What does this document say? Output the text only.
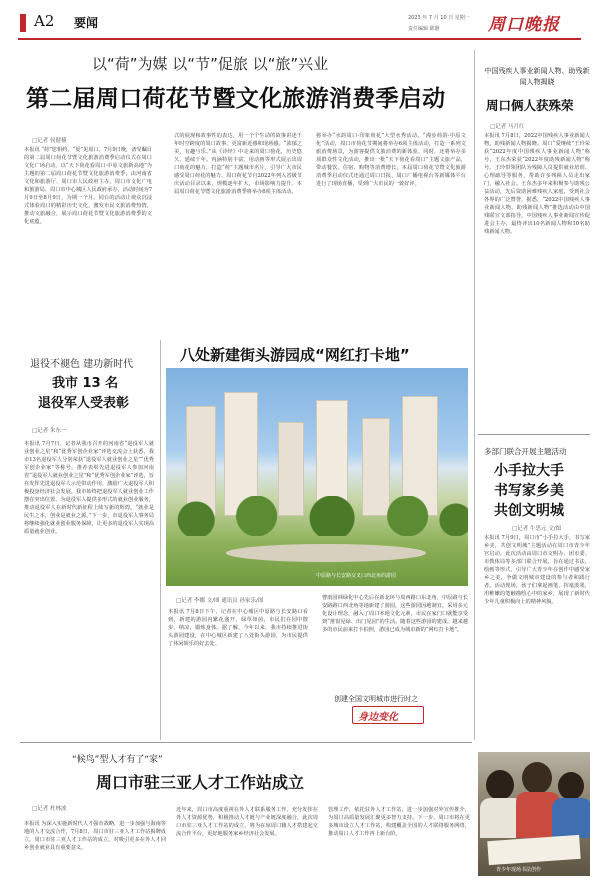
A2 要闻	2023 年 7 月 10 日 星期一
责任编辑 陈静	周口晚报
以“荷”为媒 以“节”促旅 以“旅”兴业
第二届周口荷花节暨文化旅游消费季启动
□记者 侯健楠
本报讯 “荷”您相约，“夏”见周口。7月9日晚，备受瞩目的第二届周口荷花节暨文化旅游消费季启动仪式在周口文化广场启动。以“天下荷花看周口·中原文旅新高地”为主题的第二届周口荷花节暨文化旅游消费季，由河南省文化和旅游厅、周口市人民政府主办，周口市文化广电和旅游局、周口市中心城区人民政府承办，活动时间为7月9日至8月9日，为期一个月。同台的活动让观众沉浸式体验周口的精彩历史文化，激发市民文旅消费热情，推动文旅融合，展示周口荷花节暨文化旅游消费季的文化底蕴。
式的展现和故事性的表达，用一个个生动的故事讲述千年时空跨度的周口故事，更富新近感和现场感。“浓郁之美，有趣与乐。”从《诗经》中走来的周口荷花，历史悠久，延续千年。内涵特别丰富，用动画等形式展示出周口荷花的魅力，打造“荷”主题城市名片，引导广大市民感受周口荷花的魅力。周口荷花节自2022年列入省级节庆活动目录以来，规模逐年扩大，市场影响力提升。本届周口荷花节暨文化旅游消费季将举办6项主体活动。
将举办“水韵周口·印象荷花”大型水秀活动、“漫步荷韵·中原文化”活动，周口市荷花节期间将举办6项主体活动，打造一系列文旅消费场景，为游客提供文旅消费的新体验。同时，还将举办多项群众性文化活动，推出一批“天下荷花看周口”主题文旅产品，带动餐饮、住宿、购物等消费增长。本届周口荷花节暨文化旅游消费季启动仪式还通过周口日报、周口广播电视台等新媒体平台进行了现场直播，受到广大市民的一致好评。
中国残疾人事业新闻人物、助残新闻人物揭晓
周口俩人获殊荣
□记者 马月红
本报讯 7月8日，2022中国残疾人事业新闻人物、助残新闻人物揭晓。周口“爱继续”王玲荣获“2022年度中国残疾人事业新闻人物”称号，王东杰荣获“2022年度助残新闻人物”称号。王玲带领团队为残障人员提供就业培训、心理疏导等服务，帮助许多残障人员走出家门，融入社会。王东杰多年来积极参与助残公益活动，先后资助困难残疾人家庭，受到社会各界的广泛赞誉。据悉，“2022中国残疾人事业新闻人物、助残新闻人物”推选活动由中国残联宣文部指导，中国残疾人事业新闻宣传促进会主办，最终评出10名新闻人物和10名助残新闻人物。
退役不褪色 建功新时代
我市 13 名
退役军人受表彰
□记者 朱东一
本报讯 7月7日，记者从我市召开的河南省“退役军人就业创业之星”和“优秀军创企业家”评选交流会上获悉，我市13名退役军人分别荣获“退役军人就业创业之星”“优秀军创企业家”等称号。推荐表彰先进退役军人参加河南省“退役军人就业创业之星”和“优秀军创企业家”评选，旨在发挥先进退役军人示范带动作用，激励广大退役军人积极投身经济社会发展。我市始终把退役军人就业创业工作摆在突出位置，为退役军人提供多形式的就业创业服务，推动退役军人在新时代新征程上续写新的辉煌。“就业是民生之本，创业是就业之源。”下一步，市退役军人事务局将继续强化就业创业服务保障，让更多的退役军人实现高质量就业创业。
八处新建街头游园成“网红打卡地”
中原路与长安路交叉口西北角的游园
□记者 李娜 文/图 通讯员 孙家乐/图
本报讯 7月8日下午，记者在中心城区中原路与长安路口看到，新建的游园内繁花盛开，绿草如茵，市民们在园中散步、纳凉、锻炼身体。据了解，今年以来，我市持续推进街头游园建设，在中心城区新建了八处街头游园，为市民提供了休闲娱乐的好去处。
曹雨园林绿化中心先后在新北环与周西路口东北角、中原路与长安路路口西北角等地新建了游园，这些游园因地制宜，采用多元化设计理念，融入了周口本地文化元素，市民在家门口就能享受到“推窗见绿、出门见园”的生活。随着这些游园的建成，越来越多的市民前来打卡拍照，游园已成为城市新的“网红打卡地”。
创建全国文明城市进行时之
身边变化
多部门联合开展主题活动
小手拉大手
书写家乡美
共创文明城
□记者 牛思元 文/图
本报讯 7月9日，周口市“小手拉大手，书写家乡美，共创文明城”主题活动在周口市青少年宫启动。此次活动由周口市文明办、团市委、市教体局等多部门联合开展，旨在通过书法、绘画等形式，引导广大青少年在创作中感受家乡之美，争做文明城市建设的参与者和践行者。活动现场，孩子们拿起画笔、挥毫泼墨，用稚嫩的笔触描绘心中的家乡，展现了新时代少年儿童积极向上的精神风貌。
青少年现场书法创作
“候鸟”型人才有了“家”
周口市驻三亚人才工作站成立
□记者 杜林波
本报讯 为深入实施新时代人才强市战略，进一步加强与海南等地的人才交流合作，7月8日，周口市驻三亚人才工作站揭牌成立。周口市驻三亚人才工作站的成立，对吸引更多在外人才回乡创业就业具有重要意义。
近年来，周口市高度重视在外人才联系服务工作，充分发挥在外人才资源优势，积极推动人才链与产业链深度融合。此次周口市驻三亚人才工作站的成立，将为在琼周口籍人才搭建起交流合作平台，更好地服务家乡经济社会发展。
管理工作，依托驻外人才工作站，进一步加强对外宣传推介，为周口高质量发展汇聚更多智力支持。下一步，周口市将在更多城市设立人才工作站，构建覆盖全国的人才联络服务网络，推动周口人才工作再上新台阶。
